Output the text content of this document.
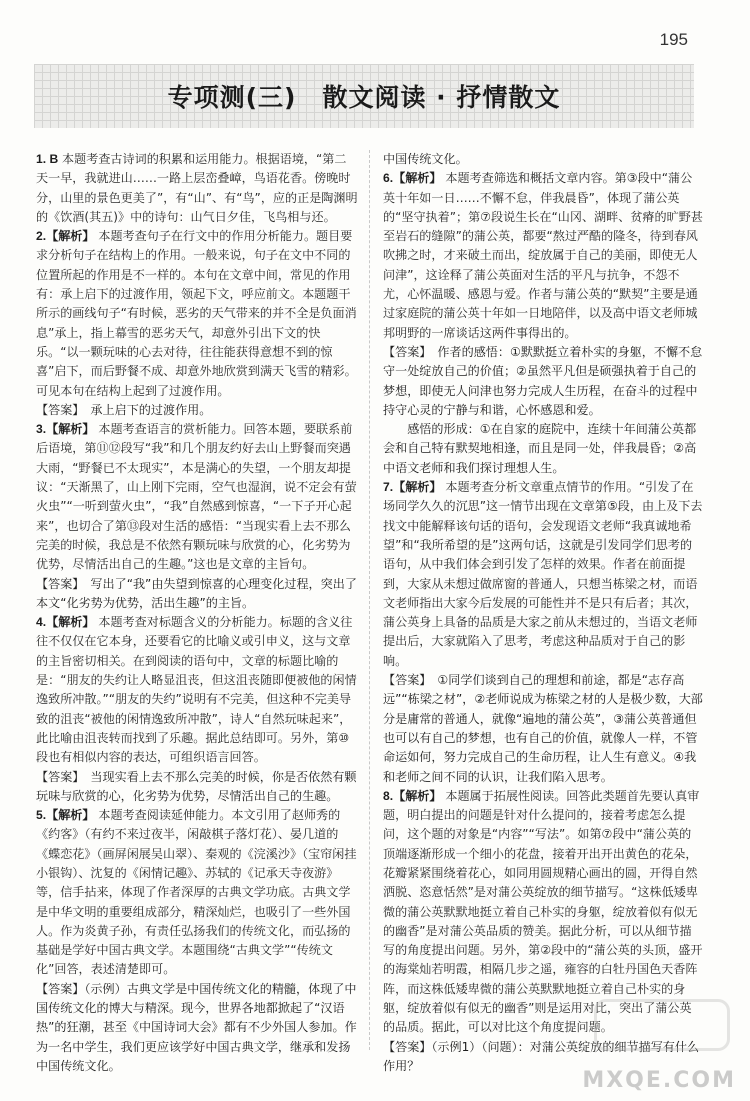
195
专项测(三)　散文阅读 · 抒情散文

1. B 本题考查古诗词的积累和运用能力。根据语境，“第二天一早，我就进山……一路上层峦叠嶂，鸟语花香。傍晚时分，山里的景色更美了”，有“山”、有“鸟”，应的正是陶渊明的《饮酒(其五)》中的诗句：山气日夕佳，飞鸟相与还。

2.【解析】 本题考查句子在行文中的作用分析能力。题目要求分析句子在结构上的作用。一般来说，句子在文中不同的位置所起的作用是不一样的。本句在文章中间，常见的作用有：承上启下的过渡作用，领起下文，呼应前文。本题题干所示的画线句子“有时候，恶劣的天气带来的并不全是负面消息”承上，指上幕雪的恶劣天气，却意外引出下文的快乐。“以一颗玩味的心去对待，往往能获得意想不到的惊喜”启下，而后野餐不成、却意外地欣赏到满天飞雪的精彩。可见本句在结构上起到了过渡作用。

【答案】　承上启下的过渡作用。

3.【解析】 本题考查语言的赏析能力。回答本题，要联系前后语境，第⑪⑫段写“我”和几个朋友约好去山上野餐而突遇大雨，“野餐已不太现实”，本是满心的失望，一个朋友却提议：“天渐黑了，山上刚下完雨，空气也湿润，说不定会有萤火虫”“一听到萤火虫”，“我”自然感到惊喜，“一下子开心起来”，也切合了第⑬段对生活的感悟：“当现实看上去不那么完美的时候，我总是不依然有颗玩味与欣赏的心，化劣势为优势，尽情活出自己的生趣。”这也是文章的主旨句。

【答案】　写出了“我”由失望到惊喜的心理变化过程，突出了本文“化劣势为优势，活出生趣”的主旨。

4.【解析】 本题考查对标题含义的分析能力。标题的含义往往不仅仅在它本身，还要看它的比喻义或引申义，这与文章的主旨密切相关。在到阅读的语句中，文章的标题比喻的是：“朋友的失约让人略显沮丧，但这沮丧随即便被他的闲情逸致所冲散。”“朋友的失约”说明有不完美，但这种不完美导致的沮丧“被他的闲情逸致所冲散”，诗人“自然玩味起来”，此比喻由沮丧转而找到了乐趣。据此总结即可。另外，第⑩段也有相似内容的表达，可组织语言回答。

【答案】　当现实看上去不那么完美的时候，你是否依然有颗玩味与欣赏的心，化劣势为优势，尽情活出自己的生趣。

5.【解析】 本题考查阅读延伸能力。本文引用了赵师秀的《约客》（有约不来过夜半，闲敲棋子落灯花）、晏几道的《蝶恋花》（画屏闲展吴山翠）、秦观的《浣溪沙》（宝帘闲挂小银钩）、沈复的《闲情记趣》、苏轼的《记承天寺夜游》等，信手拈来，体现了作者深厚的古典文学功底。古典文学是中华文明的重要组成部分，精深灿烂，也吸引了一些外国人。作为炎黄子孙，有责任弘扬我们的传统文化，而弘扬的基础是学好中国古典文学。本题围绕“古典文学”“传统文化”回答，表述清楚即可。

【答案】（示例）古典文学是中国传统文化的精髓，体现了中国传统文化的博大与精深。现今，世界各地都掀起了“汉语热”的狂潮，甚至《中国诗词大会》都有不少外国人参加。作为一名中学生，我们更应该学好中国古典文学，继承和发扬中国传统文化。

中国传统文化。

6.【解析】 本题考查筛选和概括文章内容。第③段中“蒲公英十年如一日……不懈不怠，伴我晨昏”，体现了蒲公英的“坚守执着”；第⑦段说生长在“山冈、湖畔、贫瘠的旷野甚至岩石的缝隙”的蒲公英，都要“熬过严酷的隆冬，待到春风吹拂之时，才来破土而出，绽放属于自己的美丽，即使无人问津”，这诠释了蒲公英面对生活的平凡与抗争，不怨不尤，心怀温暖、感恩与爱。作者与蒲公英的“默契”主要是通过家庭院的蒲公英十年如一日地陪伴，以及高中语文老师城邦明野的一席谈话这两件事得出的。

【答案】　作者的感悟：①默默挺立着朴实的身躯，不懈不怠守一处绽放自己的价值；②虽然平凡但是硕强执着于自己的梦想，即使无人问津也努力完成人生历程，在奋斗的过程中持守心灵的宁静与和谐，心怀感恩和爱。

感悟的形成：①在自家的庭院中，连续十年间蒲公英都会和自己特有默契地相逢，而且是同一处，伴我晨昏；②高中语文老师和我们探讨理想人生。

7.【解析】 本题考查分析文章重点情节的作用。“引发了在场同学久久的沉思”这一情节出现在文章第⑤段，由上及下去找文中能解释该句话的语句，会发现语文老师“我真诚地希望”和“我所希望的是”这两句话，这就是引发同学们思考的语句，从中我们体会到引发了怎样的效果。作者在前面提到，大家从未想过做席窗的普通人，只想当栋梁之材，而语文老师指出大家今后发展的可能性并不是只有后者；其次，蒲公英身上具备的品质是大家之前从未想过的，当语文老师提出后，大家就陷入了思考，考虑这种品质对于自己的影响。

【答案】　①同学们谈到自己的理想和前途，都是“志存高远”“栋梁之材”，②老师说成为栋梁之材的人是极少数，大部分是庸常的普通人，就像“遍地的蒲公英”，③蒲公英普通但也可以有自己的梦想，也有自己的价值，就像人一样，不管命运如何，努力完成自己的生命历程，让人生有意义。④我和老师之间不同的认识，让我们陷入思考。

8.【解析】 本题属于拓展性阅读。回答此类题首先要认真审题，明白提出的问题是针对什么提问的，接着考虑怎么提问，这个题的对象是“内容”“写法”。如第⑦段中“蒲公英的顶端逐渐形成一个细小的花盘，接着开出开出黄色的花朵，花瓣紧紧围绕着花心，如同用圆规精心画出的圆，开得自然洒脱、恣意恬然”是对蒲公英绽放的细节描写。“这株低矮卑微的蒲公英默默地挺立着自己朴实的身躯，绽放着似有似无的幽香”是对蒲公英品质的赞美。据此分析，可以从细节描写的角度提出问题。另外，第②段中的“蒲公英的头顶，盛开的海棠灿若明霞，相隔几步之遥，雍容的白牡丹国色天香阵阵，而这株低矮卑微的蒲公英默默地挺立着自己朴实的身躯，绽放着似有似无的幽香”则是运用对比，突出了蒲公英的品质。据此，可以对比这个角度提问题。

【答案】（示例1）（问题）：对蒲公英绽放的细节描写有什么作用？

MXQE.COM
